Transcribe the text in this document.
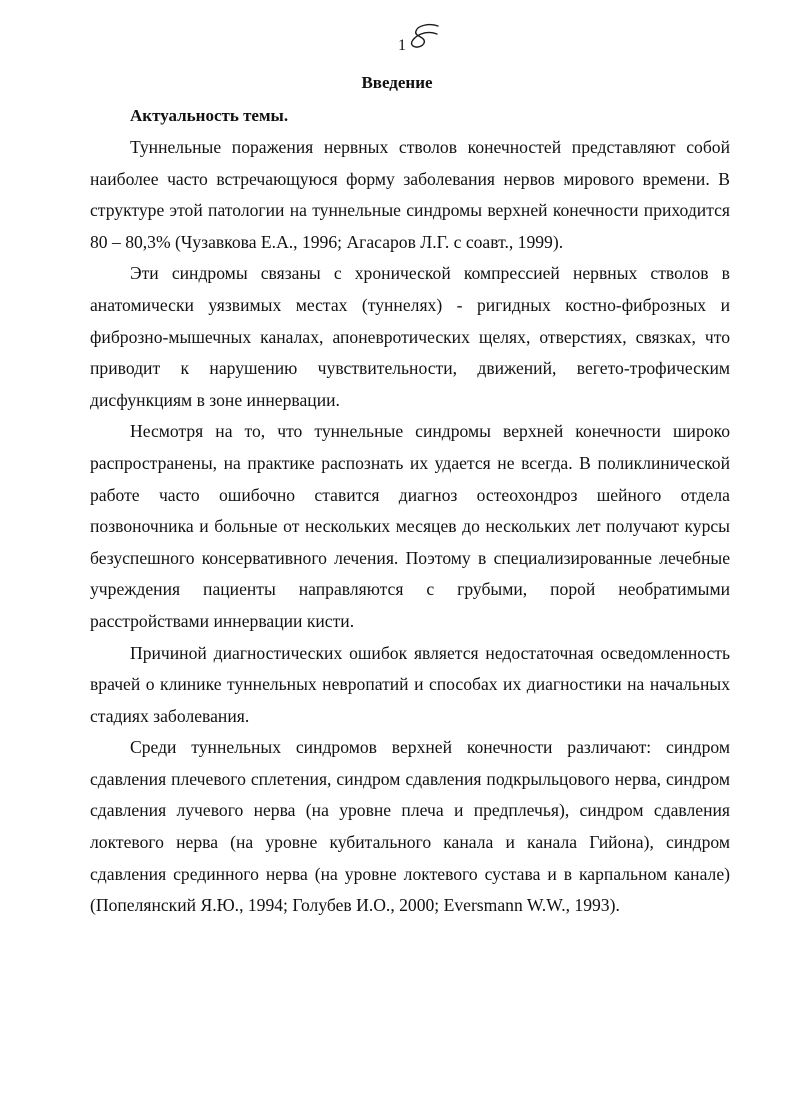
1
Введение
Актуальность темы.

Туннельные поражения нервных стволов конечностей представляют собой наиболее часто встречающуюся форму заболевания нервов мирового времени. В структуре этой патологии на туннельные синдромы верхней конечности приходится 80 – 80,3% (Чузавкова Е.А., 1996; Агасаров Л.Г. с соавт., 1999).

Эти синдромы связаны с хронической компрессией нервных стволов в анатомически уязвимых местах (туннелях) - ригидных костно-фиброзных и фиброзно-мышечных каналах, апоневротических щелях, отверстиях, связках, что приводит к нарушению чувствительности, движений, вегето-трофическим дисфункциям в зоне иннервации.

Несмотря на то, что туннельные синдромы верхней конечности широко распространены, на практике распознать их удается не всегда. В поликлинической работе часто ошибочно ставится диагноз остеохондроз шейного отдела позвоночника и больные от нескольких месяцев до нескольких лет получают курсы безуспешного консервативного лечения. Поэтому в специализированные лечебные учреждения пациенты направляются с грубыми, порой необратимыми расстройствами иннервации кисти.

Причиной диагностических ошибок является недостаточная осведомленность врачей о клинике туннельных невропатий и способах их диагностики на начальных стадиях заболевания.

Среди туннельных синдромов верхней конечности различают: синдром сдавления плечевого сплетения, синдром сдавления подкрыльцового нерва, синдром сдавления лучевого нерва (на уровне плеча и предплечья), синдром сдавления локтевого нерва (на уровне кубитального канала и канала Гийона), синдром сдавления срединного нерва (на уровне локтевого сустава и в карпальном канале) (Попелянский Я.Ю., 1994; Голубев И.О., 2000; Eversmann W.W., 1993).
